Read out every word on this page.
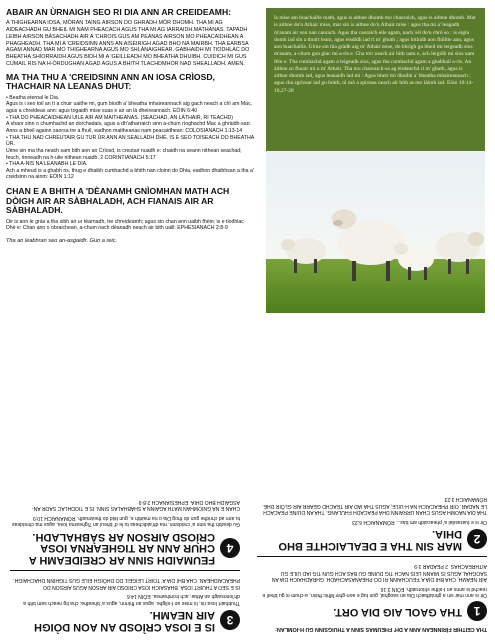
ABAIR AN ÙRNAIGH SEO RI DIA ANN AR CREIDEAMH:

A THIGHEARNA IOSA, MÒRAN TAING AIRSON DO GHRÀDH MÒR DHOMH. THA MI AG AIDEACHADH GU BHEIL MI NAM PHEACACH AGUS THA MI AG IARRAIDH MATHANAS. TAPADH LEIBH AIRSON BÀSACHADH AIR A 'CHROIS GUS AM PEANAS AIRSON MO PHEACAIDHEAN A PHAGHEADH. THA MI A 'CREIDSINN ANNS AN AISEIRIGH AGAD BHO NA MAIRBH. THA EARBSA AGAM ANNAD MAR MO THIGHEARNA AGUS MO SHLÀNAIGHEAR. GABHAIDH MI TIODHLAC DO BHEATHA SHÌORRAIDH AGUS BIDH MI A 'GEILLEADH MO BHEATHA DHUIBH. CUIDICH MI GUS CUMAIL RIS NA H-ÒRDUGHAN AGAD AGUS A BHITH TLACHDMHOR NAD SHEALLADH. AMEN.

MA THA THU A 'CREIDSINN ANN AN IOSA CRÌOSD, THACHAIR NA LEANAS DHUT:

• Beatha eternal le Dia.
Agus is i seo toil an tì a chuir uaithe mi, gum biodh a' bheatha mhaireannach aig gach neach a chì am Mac, agus a chreideas ann: agus togaidh mise suas e air an là dheireannach. EÒIN 6:40
• THA DO PHEACAIDHEAN UILE AIR AM MAITHEANAS. (SEACHAD, AN LÀTHAIR, RI TEACHD)
A shaor sinn o chumhachd an dorchadais, agus a dh'atharraich sinn a-chum rìoghachd Mac a ghràidh-san: Anns a bheil againn saorsa tre a fhuil, eadhon maitheanas nam peacaidhean: COLOSIANACH 1:13-14
• THA THU NAD CHREUTAIR GU TUR ÙR ANN AN SEALLADH DHÈ. IS E SEO TOISEACH DO BHEATHA ÙR.
Uime sin ma tha neach sam bith ann an Crìosd, is creutair nuadh e: chaidh na seann nithean seachad; feuch, rinneadh na h-uile nithean nuadh. 2 CORINTIANACH 5:17
• THA A-NIS NA LEANABH LE DIA.
Ach a mheud is a ghabh ris, thug e dhaibh cumhachd a bhith nan cloinn do Dhia, eadhon dhaibhsan a tha a' creidsinn na ainm: EÒIN 1:12

CHAN E A BHITH A 'DÈANAMH GNÌOMHAN MATH ACH DÒIGH AIR AR SÀBHALADH, ACH FIANAIS AIR AR SÀBHALADH.

Oir is ann le gràs a tha sibh air ur tèarnadh, tre chreideamh; agus sin chan ann uaibh fhèin; is e tiodhlac Dhè e: Chan ann o obraichean, a-chum nach dèanadh neach air bith uaill: EPHESIANACH 2:8-9

Tha an leabhran seo an-asgaidh. Gun a reic.

Is mise am buachaille math, agus is aithne dhomh mo chaoraich, agus is aithne dhomh. Mar is aithne do'n Athair mise, mar sin is aithne do'n Athair mise : agus tha mi a' leagadh m'anam air son nan caorach. Agus tha caoraich eile agam, nach 'eil do'n chrò so : is eigin domh iad sin a thoirt leam, agus eisdidh iad ri m' ghuth ; agus bithidh aon fhilltie ann, agus aon buachaille. Uime sin tha gràdh aig m' Athair mise, do bhrigh gu bheil mi leigeadh sìos m'anam, a-chum gun glac mi a-rìs e. Cha toir neach air bith uam e, ach leigidh mi sìos uam fèin e. Tha cumhachd agam a leigeadh sìos, agus tha cumhachd agam a ghabhail a-rìs. An àithne so fhuair mi o m' Athair. Tha mo chaoraich-sa ag èisdeachd ri m' ghuth, agus is aithne dhomh iad, agus leanaidh iad mi : Agus bheir mi dhoibh a' bheatha mhaireannach ; agus cha sgriosar iad gu bràth, nì mò a spìonas neach air bith as mo làimh iad. Eòin 10:14-18,27-28

THA CEITHIR FÌRINNEAN ANN A DH' FHEUMAS SINN A THUIGSINN GU H-IOMLAN:

1THA GAOL AIG DIA ORT.

Oir is ann mar sin a ghràdhaich Dia an saoghal, gun tug e aon-ghin Mhic fhèin, a-chum is gu bheil e reachd is anns an t-sìthe shìorraidh. EÒIN 3:16

AIR NEAMH, CHA BHI DIA A 'FEUCHAINN RI DO PHEANASACHADH. GHRÀDHAICH DIA AN SAOGHAL AGUS IS MIANN LEIS NACH TIG DUINE GU BÀS ACH GUN TIG IAD UILE GU AITHREACHAS. 2 PEADAR 3:9

2MAR SIN THA E DEALAICHTE BHO DHIA.

Oir is e tuarasdal a' pheacaidh am bàs... RÒMANAICH 6:23

THA DIA NAOMH AGUS CHAN URRAINN DHA PEACADH FHULANG. THA AN DUINE PEACACH LE NÀDAR. OIR PHEACAICH NA H-UILE, AGUS THA IAD AIR TEACHD GEARR AIR GLÒIR DHÈ. RÒMANAICH 3:23

3IS E IOSA CRÌOSD AN AON DÒIGH AIR NEAMH.

Thubhairt Iosa ris, Is mise an t-slighe, agus an fhìrinn, agus a' bheatha: cha tig neach sam bith a dh'ionnsaigh an Athar, ach tromhamsa. EÒIN 14:6

IS E SEO A THUIRT IOSA. BHÀSAICH IOSA CRÌOSD AIR ARSON AGUS AIRSON DO PHEACAIDHEAN. CHA BHI DIA A' TOIRT LEIGEIL DO DHÒIGH EILE GUS TIGHINN DHACHAIGH.

4FEUMAIDH SINN AR CREIDEAMH A CHUR ANN AR TIGHEARNA IOSA CRÌOSD AIRSON AR SÀBHALADH.

Gu dearbh tha sinn a' creidsinn, ma dh'aidicheas tu le d' bheul an Tighearna Iosa, agus ma chreideas tu ann ad chridhe gun do thog Dia o na mairbh e, gun tèid do theàrnadh. RÒMANAICH 10:9

CHAN E NA GNÌOMHAN MATH AGAINN A SHÀBHALAS SINN. IS E TIODHLAC SAOR AN-ASGAIDH BHO DHIA. EPHESIANACH 2:8-9
